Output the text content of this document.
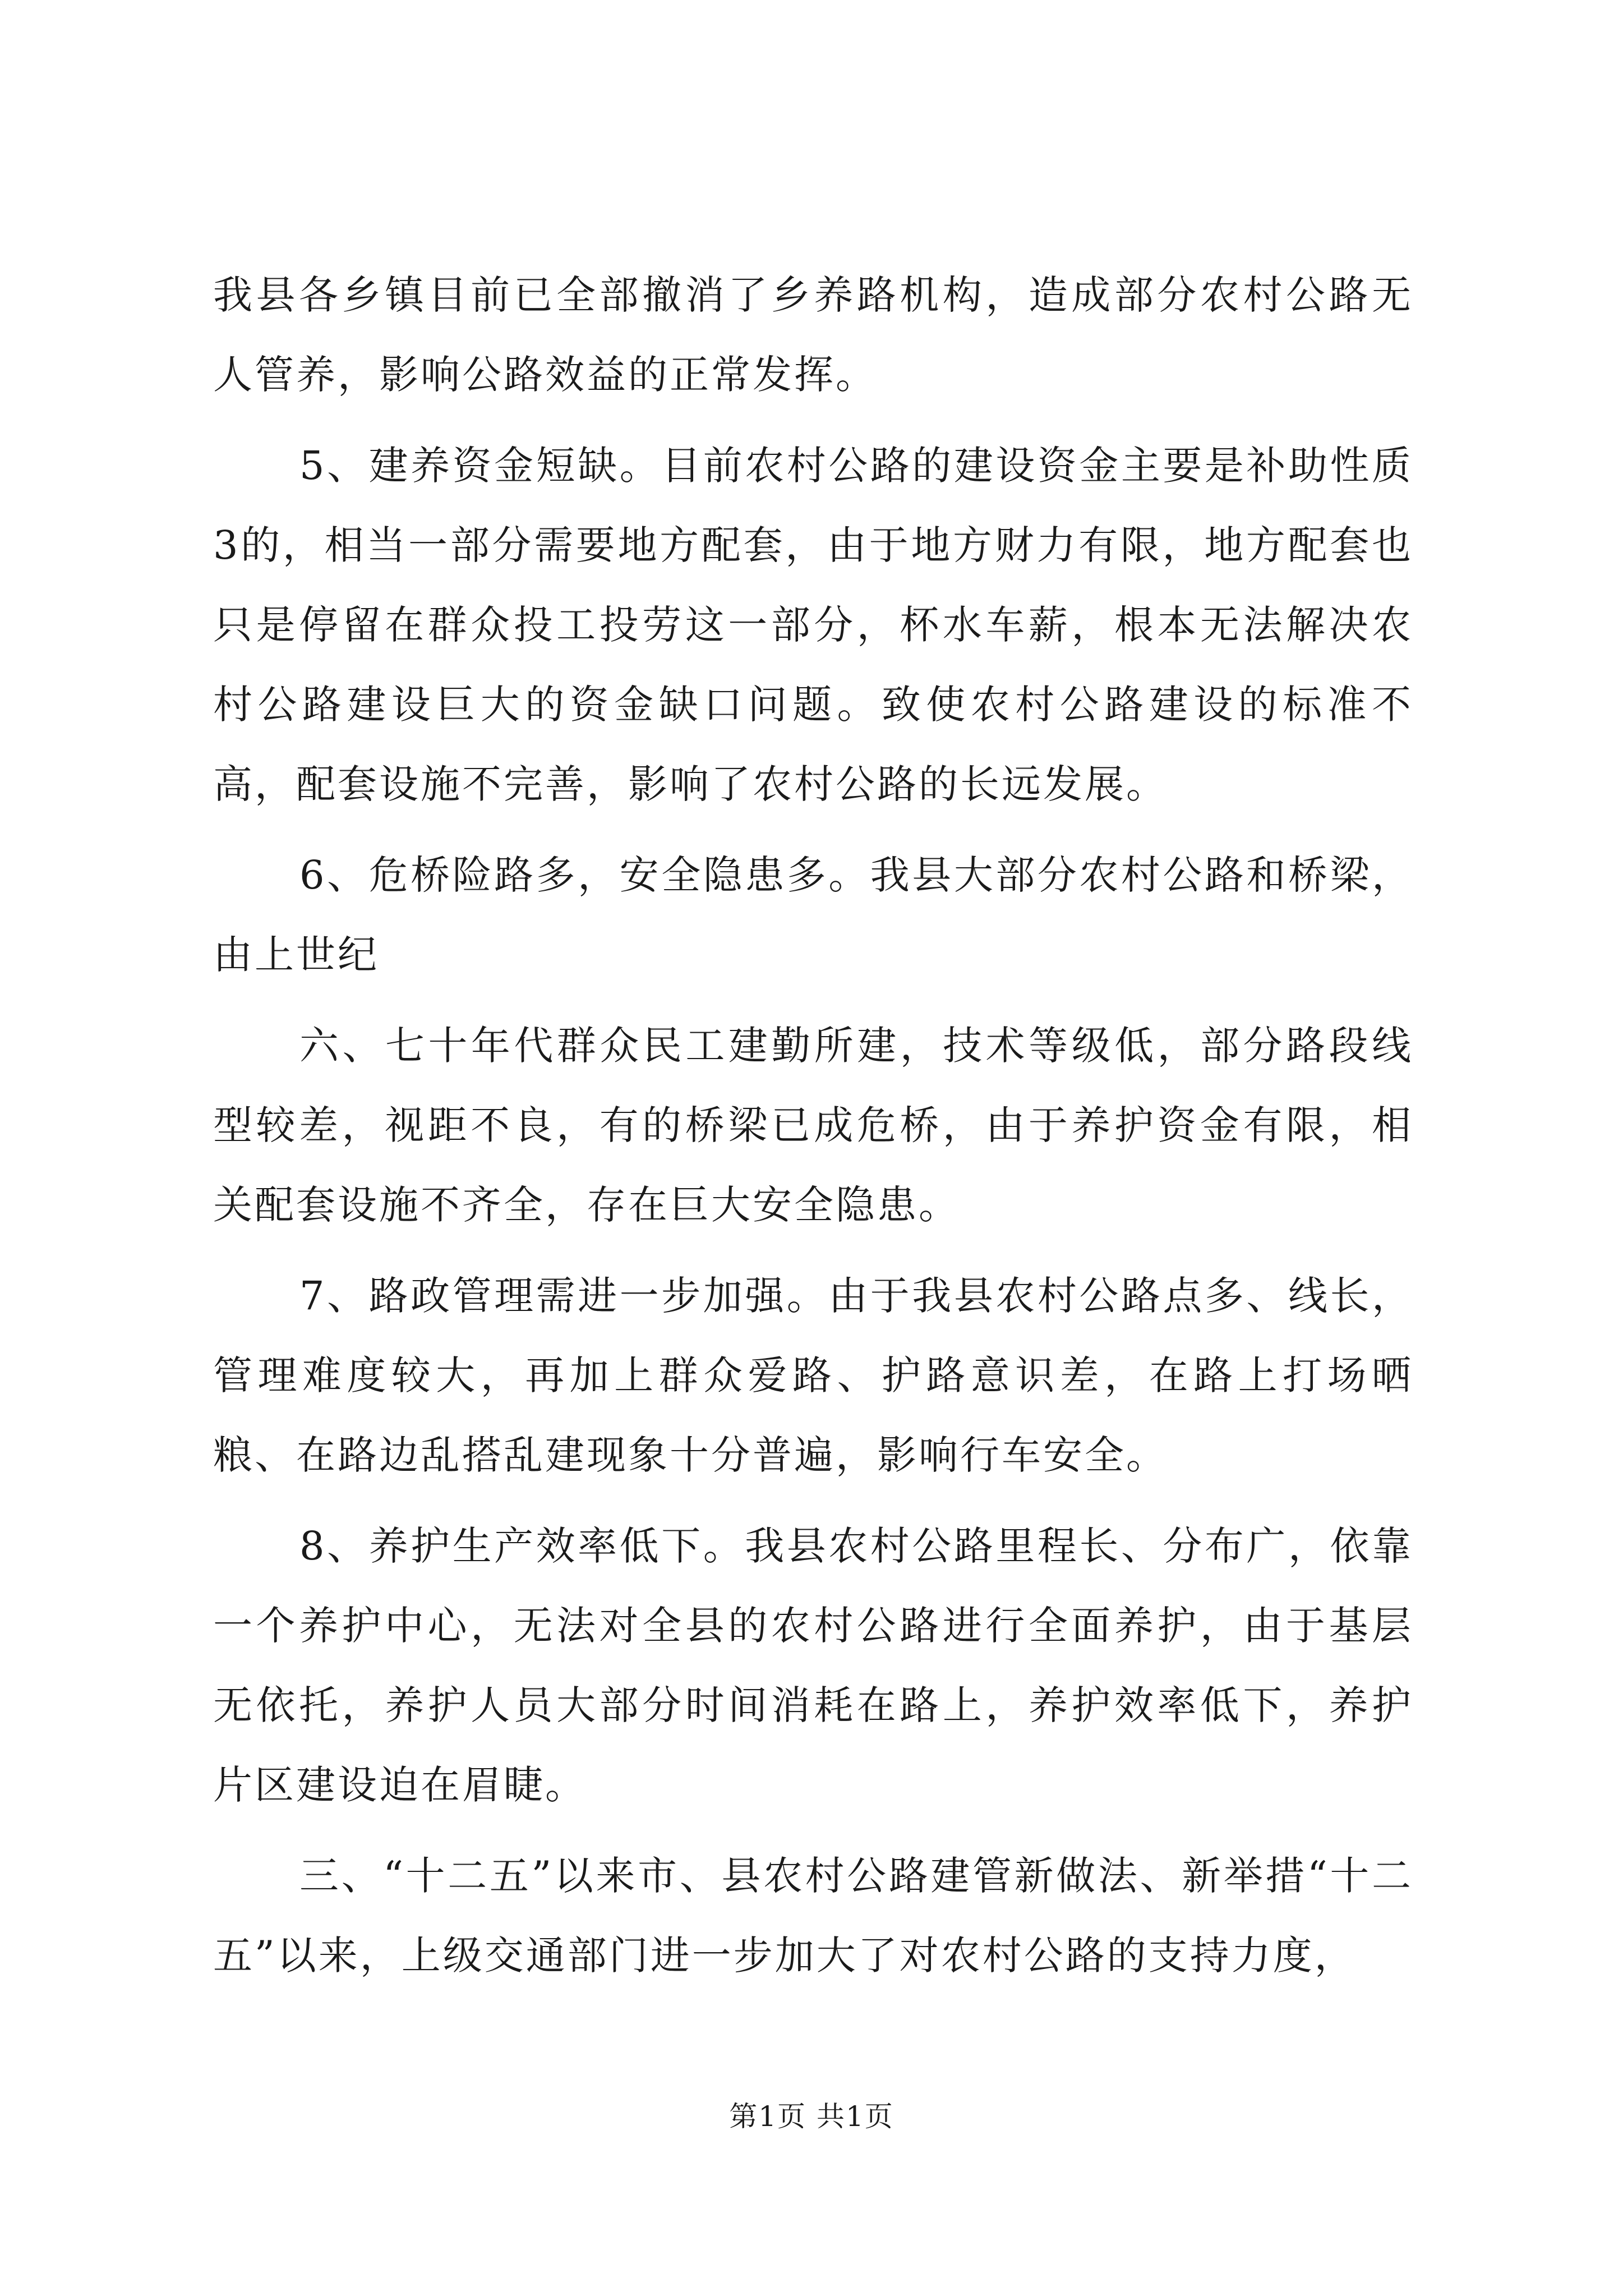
我县各乡镇目前已全部撤消了乡养路机构，造成部分农村公路无人管养，影响公路效益的正常发挥。

5、建养资金短缺。目前农村公路的建设资金主要是补助性质3的，相当一部分需要地方配套，由于地方财力有限，地方配套也只是停留在群众投工投劳这一部分，杯水车薪，根本无法解决农村公路建设巨大的资金缺口问题。致使农村公路建设的标准不高，配套设施不完善，影响了农村公路的长远发展。

6、危桥险路多，安全隐患多。我县大部分农村公路和桥梁，由上世纪

六、七十年代群众民工建勤所建，技术等级低，部分路段线型较差，视距不良，有的桥梁已成危桥，由于养护资金有限，相关配套设施不齐全，存在巨大安全隐患。

7、路政管理需进一步加强。由于我县农村公路点多、线长，管理难度较大，再加上群众爱路、护路意识差，在路上打场晒粮、在路边乱搭乱建现象十分普遍，影响行车安全。

8、养护生产效率低下。我县农村公路里程长、分布广，依靠一个养护中心，无法对全县的农村公路进行全面养护，由于基层无依托，养护人员大部分时间消耗在路上，养护效率低下，养护片区建设迫在眉睫。

三、“十二五”以来市、县农村公路建管新做法、新举措“十二五”以来，上级交通部门进一步加大了对农村公路的支持力度，

第1页 共1页
